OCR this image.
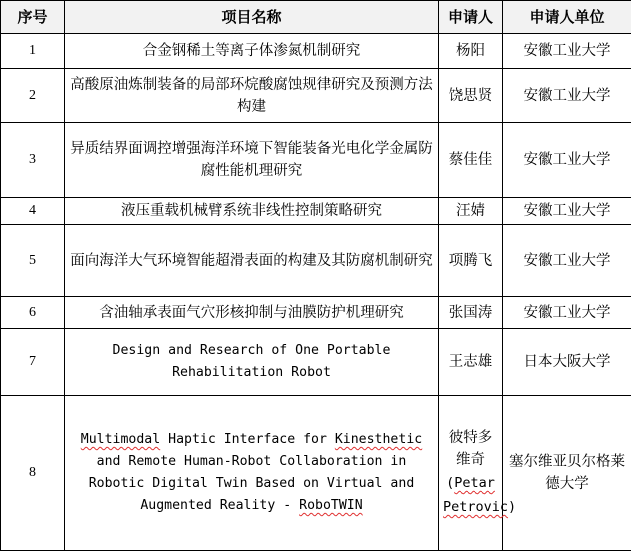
序号	项目名称	申请人	申请人单位
1	合金钢稀土等离子体渗氮机制研究	杨阳	安徽工业大学
2	高酸原油炼制装备的局部环烷酸腐蚀规律研究及预测方法构建	饶思贤	安徽工业大学
3	异质结界面调控增强海洋环境下智能装备光电化学金属防腐性能机理研究	蔡佳佳	安徽工业大学
4	液压重载机械臂系统非线性控制策略研究	汪婧	安徽工业大学
5	面向海洋大气环境智能超滑表面的构建及其防腐机制研究	项腾飞	安徽工业大学
6	含油轴承表面气穴形核抑制与油膜防护机理研究	张国涛	安徽工业大学
7	Design and Research of One Portable Rehabilitation Robot	王志雄	日本大阪大学
8	Multimodal Haptic Interface for Kinesthetic and Remote Human-Robot Collaboration in Robotic Digital Twin Based on Virtual and Augmented Reality - RoboTWIN	彼特多维奇(Petar Petrovic)	塞尔维亚贝尔格莱德大学
